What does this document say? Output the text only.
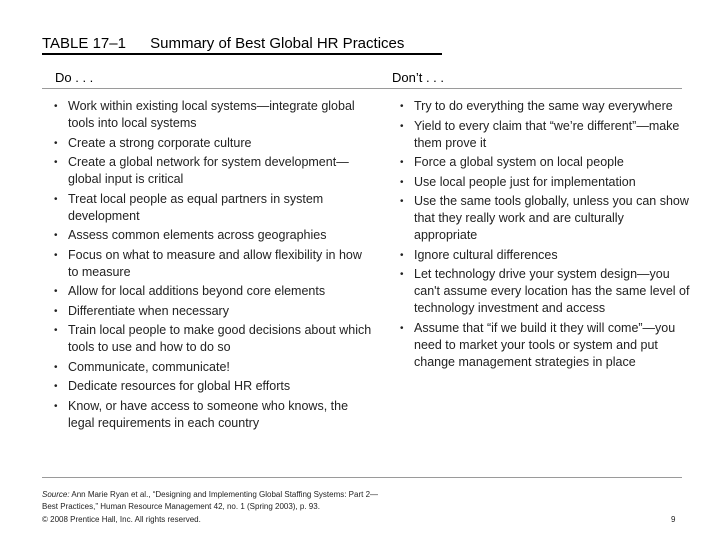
TABLE 17–1 Summary of Best Global HR Practices
Do . . .	Don’t . . .
• Work within existing local systems—integrate global tools into local systems
• Create a strong corporate culture
• Create a global network for system development— global input is critical
• Treat local people as equal partners in system development
• Assess common elements across geographies
• Focus on what to measure and allow flexibility in how to measure
• Allow for local additions beyond core elements
• Differentiate when necessary
• Train local people to make good decisions about which tools to use and how to do so
• Communicate, communicate!
• Dedicate resources for global HR efforts
• Know, or have access to someone who knows, the legal requirements in each country
• Try to do everything the same way everywhere
• Yield to every claim that “we’re different”—make them prove it
• Force a global system on local people
• Use local people just for implementation
• Use the same tools globally, unless you can show that they really work and are culturally appropriate
• Ignore cultural differences
• Let technology drive your system design—you can't assume every location has the same level of technology investment and access
• Assume that “if we build it they will come”—you need to market your tools or system and put change management strategies in place
Source: Ann Marie Ryan et al., “Designing and Implementing Global Staffing Systems: Part 2—Best Practices,” Human Resource Management 42, no. 1 (Spring 2003), p. 93.
© 2008 Prentice Hall, Inc. All rights reserved.	9
